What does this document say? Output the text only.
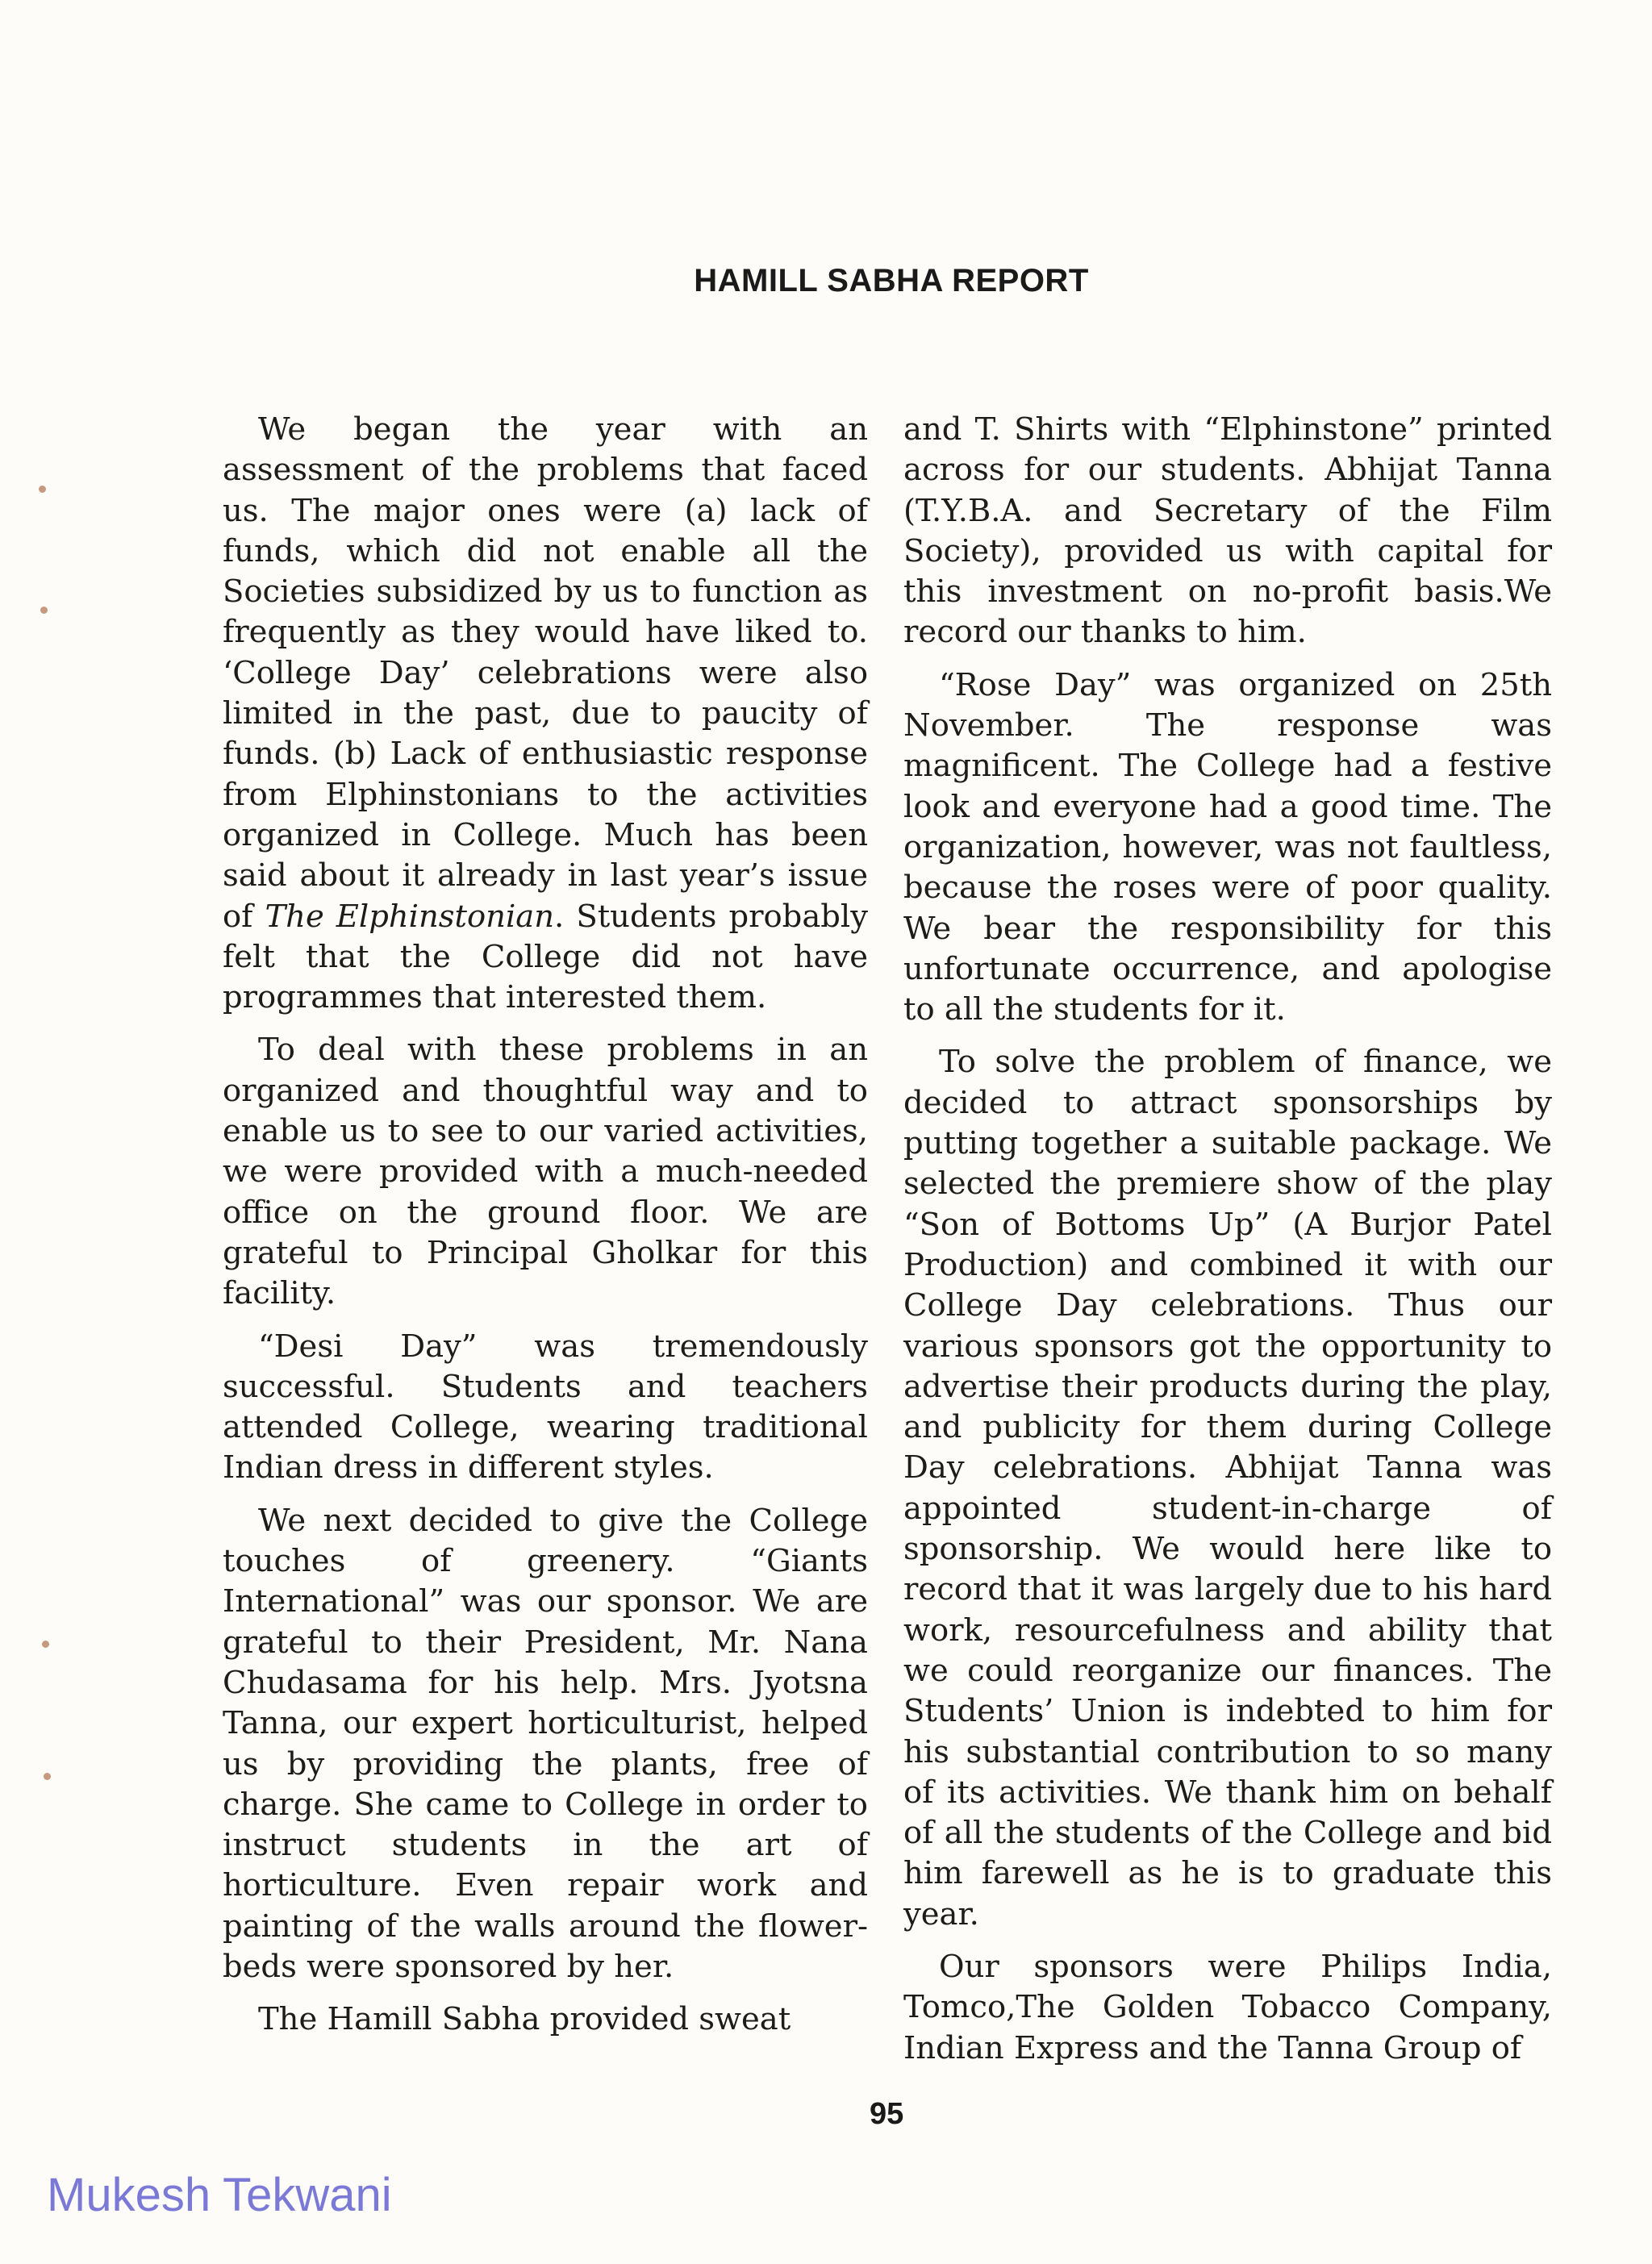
HAMILL SABHA REPORT

We began the year with an assessment of the problems that faced us. The major ones were (a) lack of funds, which did not enable all the Societies subsidized by us to function as frequently as they would have liked to. ‘College Day’ celebrations were also limited in the past, due to paucity of funds. (b) Lack of enthusiastic response from Elphinstonians to the activities organized in College. Much has been said about it already in last year’s issue of The Elphinstonian. Students probably felt that the College did not have programmes that interested them.

To deal with these problems in an organized and thoughtful way and to enable us to see to our varied activities, we were provided with a much-needed office on the ground floor. We are grateful to Principal Gholkar for this facility.

“Desi Day” was tremendously successful. Students and teachers attended College, wearing traditional Indian dress in different styles.

We next decided to give the College touches of greenery. “Giants International” was our sponsor. We are grateful to their President, Mr. Nana Chudasama for his help. Mrs. Jyotsna Tanna, our expert horticulturist, helped us by providing the plants, free of charge. She came to College in order to instruct students in the art of horticulture. Even repair work and painting of the walls around the flower-beds were sponsored by her.

The Hamill Sabha provided sweat

and T. Shirts with “Elphinstone” printed across for our students. Abhijat Tanna (T.Y.B.A. and Secretary of the Film Society), provided us with capital for this investment on no-profit basis.We record our thanks to him.

“Rose Day” was organized on 25th November. The response was magnificent. The College had a festive look and everyone had a good time. The organization, however, was not faultless, because the roses were of poor quality. We bear the responsibility for this unfortunate occurrence, and apologise to all the students for it.

To solve the problem of finance, we decided to attract sponsorships by putting together a suitable package. We selected the premiere show of the play “Son of Bottoms Up” (A Burjor Patel Production) and combined it with our College Day celebrations. Thus our various sponsors got the opportunity to advertise their products during the play, and publicity for them during College Day celebrations. Abhijat Tanna was appointed student-in-charge of sponsorship. We would here like to record that it was largely due to his hard work, resourcefulness and ability that we could reorganize our finances. The Students’ Union is indebted to him for his substantial contribution to so many of its activities. We thank him on behalf of all the students of the College and bid him farewell as he is to graduate this year.

Our sponsors were Philips India, Tomco,The Golden Tobacco Company, Indian Express and the Tanna Group of

95
Mukesh Tekwani
